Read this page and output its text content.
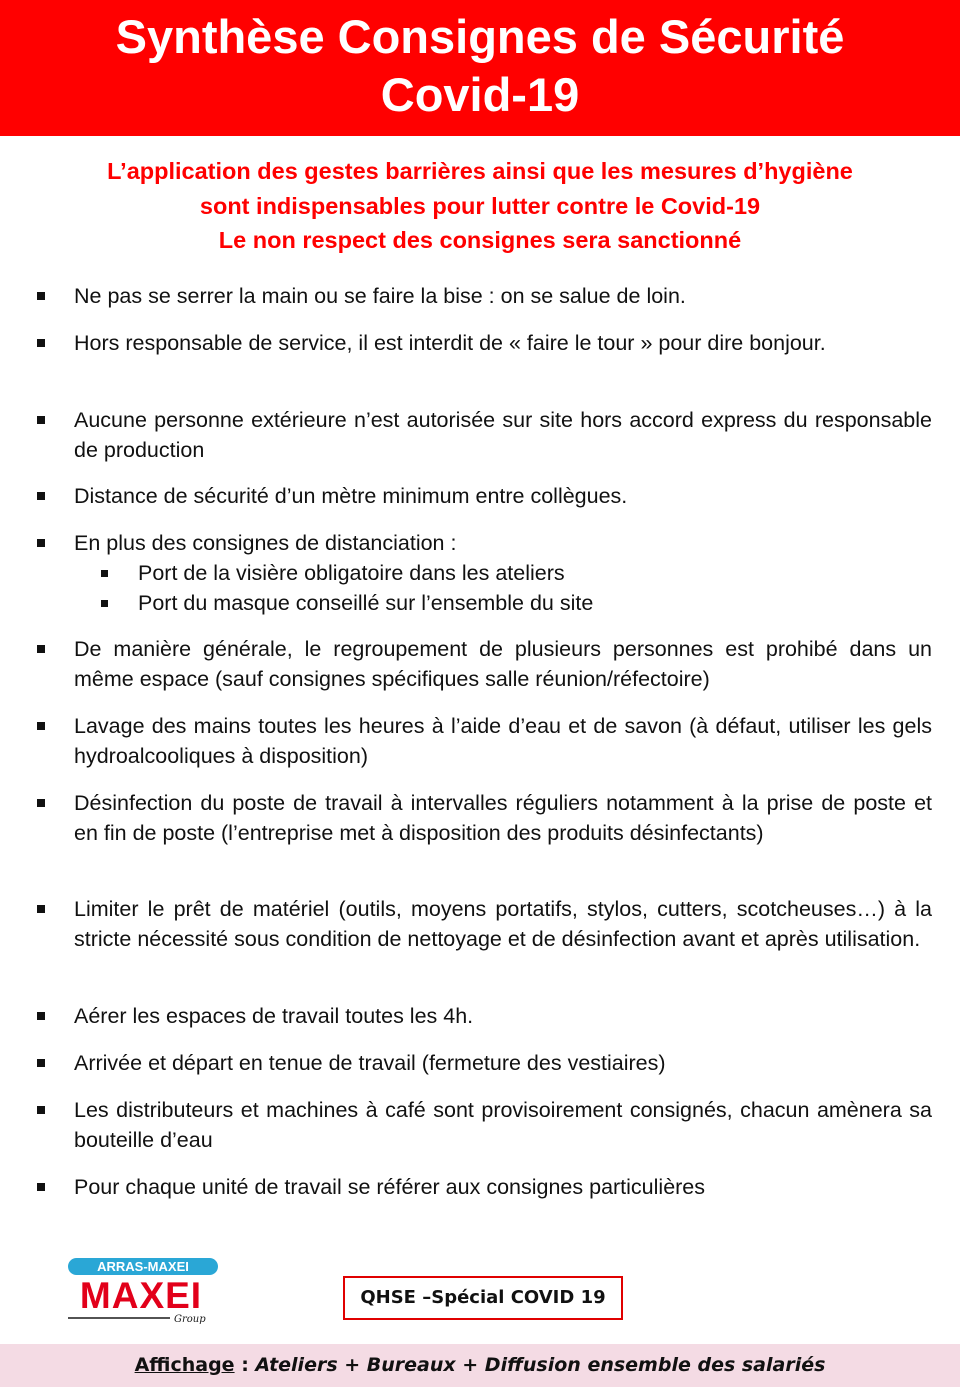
Synthèse Consignes de Sécurité
Covid-19
L’application des gestes barrières ainsi que les mesures d’hygiène
sont indispensables pour lutter contre le Covid-19
Le non respect des consignes sera sanctionné
Ne pas se serrer la main ou se faire la bise : on se salue de loin.
Hors responsable de service, il est interdit de « faire le tour » pour dire bonjour.
Aucune personne extérieure n’est autorisée sur site hors accord express du responsable de production
Distance de sécurité d’un mètre minimum entre collègues.
En plus des consignes de distanciation :
Port de la visière obligatoire dans les ateliers
Port du masque conseillé sur l’ensemble du site
De manière générale, le regroupement de plusieurs personnes est prohibé dans un même espace (sauf consignes spécifiques salle réunion/réfectoire)
Lavage des mains toutes les heures à l’aide d’eau et de savon (à défaut, utiliser les gels hydroalcooliques à disposition)
Désinfection du poste de travail à intervalles réguliers notamment à la prise de poste et en fin de poste (l’entreprise met à disposition des produits désinfectants)
Limiter le prêt de matériel (outils, moyens portatifs, stylos, cutters, scotcheuses…) à la stricte nécessité sous condition de nettoyage et de désinfection avant et après utilisation.
Aérer les espaces de travail toutes les 4h.
Arrivée et départ en tenue de travail (fermeture des vestiaires)
Les distributeurs et machines à café sont provisoirement consignés, chacun amènera sa bouteille d’eau
Pour chaque unité de travail se référer aux consignes particulières
ARRAS-MAXEI
MAXEI
Group
QHSE –Spécial COVID 19
Affichage : Ateliers + Bureaux + Diffusion ensemble des salariés
